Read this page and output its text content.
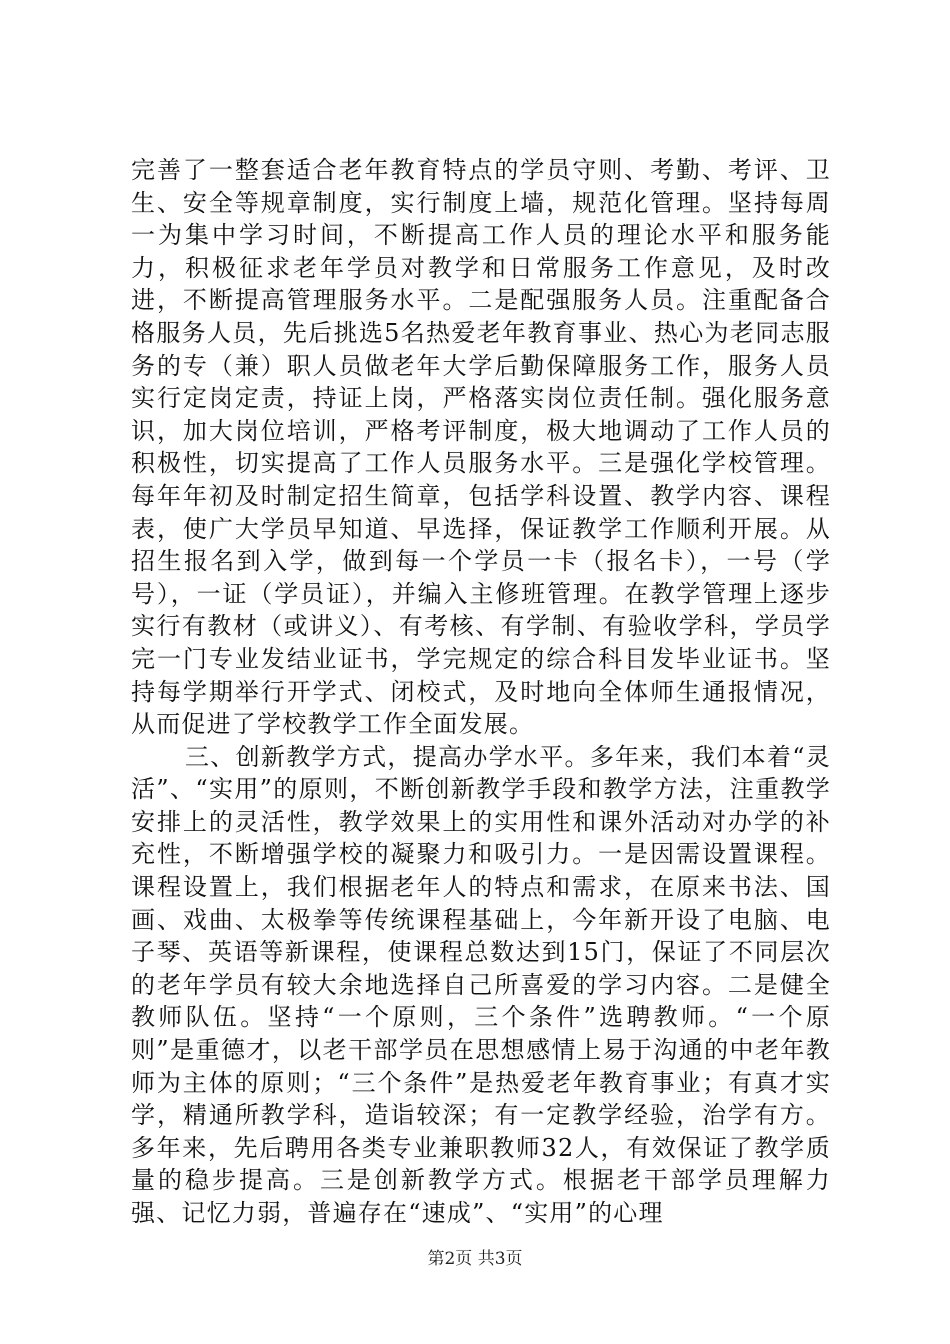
完善了一整套适合老年教育特点的学员守则、考勤、考评、卫生、安全等规章制度，实行制度上墙，规范化管理。坚持每周一为集中学习时间，不断提高工作人员的理论水平和服务能力，积极征求老年学员对教学和日常服务工作意见，及时改进，不断提高管理服务水平。二是配强服务人员。注重配备合格服务人员，先后挑选5名热爱老年教育事业、热心为老同志服务的专（兼）职人员做老年大学后勤保障服务工作，服务人员实行定岗定责，持证上岗，严格落实岗位责任制。强化服务意识，加大岗位培训，严格考评制度，极大地调动了工作人员的积极性，切实提高了工作人员服务水平。三是强化学校管理。每年年初及时制定招生简章，包括学科设置、教学内容、课程表，使广大学员早知道、早选择，保证教学工作顺利开展。从招生报名到入学，做到每一个学员一卡（报名卡），一号（学号），一证（学员证），并编入主修班管理。在教学管理上逐步实行有教材（或讲义）、有考核、有学制、有验收学科，学员学完一门专业发结业证书，学完规定的综合科目发毕业证书。坚持每学期举行开学式、闭校式，及时地向全体师生通报情况，从而促进了学校教学工作全面发展。

三、创新教学方式，提高办学水平。多年来，我们本着“灵活”、“实用”的原则，不断创新教学手段和教学方法，注重教学安排上的灵活性，教学效果上的实用性和课外活动对办学的补充性，不断增强学校的凝聚力和吸引力。一是因需设置课程。课程设置上，我们根据老年人的特点和需求，在原来书法、国画、戏曲、太极拳等传统课程基础上，今年新开设了电脑、电子琴、英语等新课程，使课程总数达到15门，保证了不同层次的老年学员有较大余地选择自己所喜爱的学习内容。二是健全教师队伍。坚持“一个原则，三个条件”选聘教师。“一个原则”是重德才，以老干部学员在思想感情上易于沟通的中老年教师为主体的原则；“三个条件”是热爱老年教育事业；有真才实学，精通所教学科，造诣较深；有一定教学经验，治学有方。多年来，先后聘用各类专业兼职教师32人，有效保证了教学质量的稳步提高。三是创新教学方式。根据老干部学员理解力强、记忆力弱，普遍存在“速成”、“实用”的心理

第2页 共3页
